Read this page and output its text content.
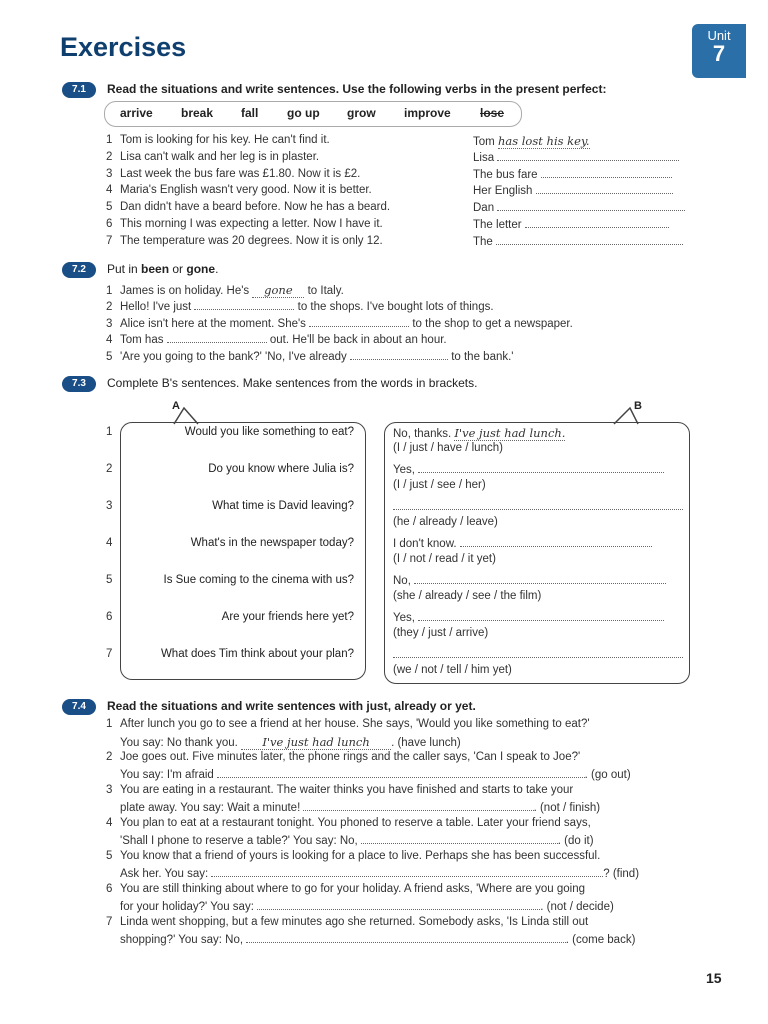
Exercises	Unit
7
7.1	Read the situations and write sentences. Use the following verbs in the present perfect:
arrive break fall go up grow improve lose
1 Tom is looking for his key. He can't find it.	Tom has lost his key.
2 Lisa can't walk and her leg is in plaster.	Lisa
3 Last week the bus fare was £1.80. Now it is £2.	The bus fare
4 Maria's English wasn't very good. Now it is better.	Her English
5 Dan didn't have a beard before. Now he has a beard.	Dan
6 This morning I was expecting a letter. Now I have it.	The letter
7 The temperature was 20 degrees. Now it is only 12.	The
7.2	Put in been or gone.
1 James is on holiday. He's gone to Italy.
2 Hello! I've just	to the shops. I've bought lots of things.
3 Alice isn't here at the moment. She's	to the shop to get a newspaper.
4 Tom has	out. He'll be back in about an hour.
5 'Are you going to the bank?' 'No, I've already	to the bank.'
7.3	Complete B's sentences. Make sentences from the words in brackets.
A	B
1	Would you like something to eat?	No, thanks. I've just had lunch.
(I / just / have / lunch)
2	Do you know where Julia is?	Yes,
(I / just / see / her)
3	What time is David leaving?
(he / already / leave)
4	What's in the newspaper today?	I don't know.
(I / not / read / it yet)
5	Is Sue coming to the cinema with us?	No,
(she / already / see / the film)
6	Are your friends here yet?	Yes,
(they / just / arrive)
7	What does Tim think about your plan?
(we / not / tell / him yet)
7.4	Read the situations and write sentences with just, already or yet.
1 After lunch you go to see a friend at her house. She says, 'Would you like something to eat?'
You say: No thank you. I've just had lunch . (have lunch)
2 Joe goes out. Five minutes later, the phone rings and the caller says, 'Can I speak to Joe?'
You say: I'm afraid	. (go out)
3 You are eating in a restaurant. The waiter thinks you have finished and starts to take your
plate away. You say: Wait a minute!	. (not / finish)
4 You plan to eat at a restaurant tonight. You phoned to reserve a table. Later your friend says,
'Shall I phone to reserve a table?' You say: No,	. (do it)
5 You know that a friend of yours is looking for a place to live. Perhaps she has been successful.
Ask her. You say:	? (find)
6 You are still thinking about where to go for your holiday. A friend asks, 'Where are you going
for your holiday?' You say:	. (not / decide)
7 Linda went shopping, but a few minutes ago she returned. Somebody asks, 'Is Linda still out
shopping?' You say: No,	. (come back)
15
